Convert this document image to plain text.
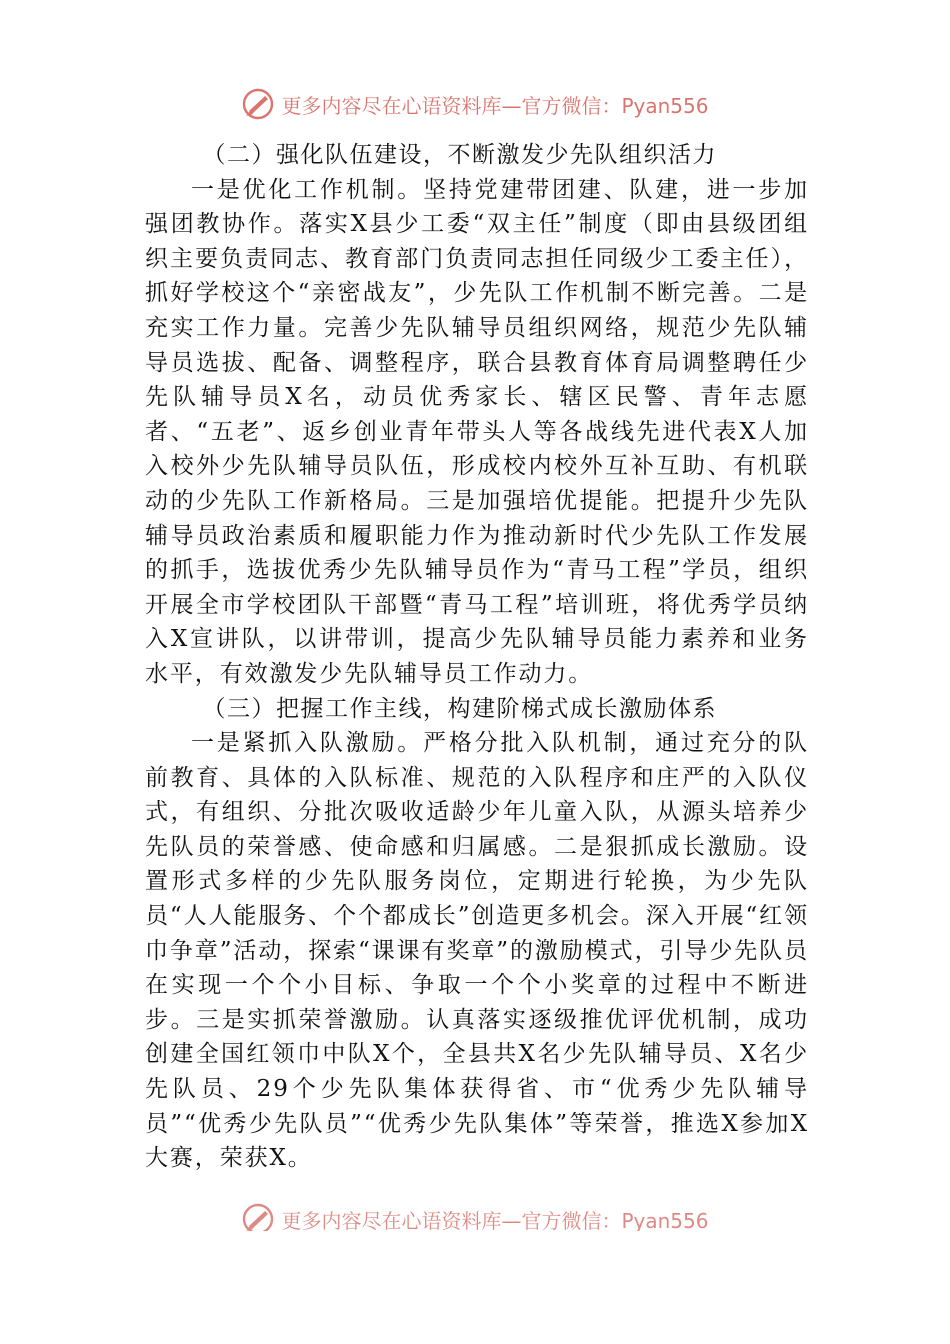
更多内容尽在心语资料库—官方微信：Pyan556
（二）强化队伍建设，不断激发少先队组织活力

一是优化工作机制。坚持党建带团建、队建，进一步加强团教协作。落实X县少工委“双主任”制度（即由县级团组织主要负责同志、教育部门负责同志担任同级少工委主任），抓好学校这个“亲密战友”，少先队工作机制不断完善。二是充实工作力量。完善少先队辅导员组织网络，规范少先队辅导员选拔、配备、调整程序，联合县教育体育局调整聘任少先队辅导员X名，动员优秀家长、辖区民警、青年志愿者、“五老”、返乡创业青年带头人等各战线先进代表X人加入校外少先队辅导员队伍，形成校内校外互补互助、有机联动的少先队工作新格局。三是加强培优提能。把提升少先队辅导员政治素质和履职能力作为推动新时代少先队工作发展的抓手，选拔优秀少先队辅导员作为“青马工程”学员，组织开展全市学校团队干部暨“青马工程”培训班，将优秀学员纳入X宣讲队，以讲带训，提高少先队辅导员能力素养和业务水平，有效激发少先队辅导员工作动力。

（三）把握工作主线，构建阶梯式成长激励体系

一是紧抓入队激励。严格分批入队机制，通过充分的队前教育、具体的入队标准、规范的入队程序和庄严的入队仪式，有组织、分批次吸收适龄少年儿童入队，从源头培养少先队员的荣誉感、使命感和归属感。二是狠抓成长激励。设置形式多样的少先队服务岗位，定期进行轮换，为少先队员“人人能服务、个个都成长”创造更多机会。深入开展“红领巾争章”活动，探索“课课有奖章”的激励模式，引导少先队员在实现一个个小目标、争取一个个小奖章的过程中不断进步。三是实抓荣誉激励。认真落实逐级推优评优机制，成功创建全国红领巾中队X个，全县共X名少先队辅导员、X名少先队员、29个少先队集体获得省、市“优秀少先队辅导员”“优秀少先队员”“优秀少先队集体”等荣誉，推选X参加X大赛，荣获X。

更多内容尽在心语资料库—官方微信：Pyan556
